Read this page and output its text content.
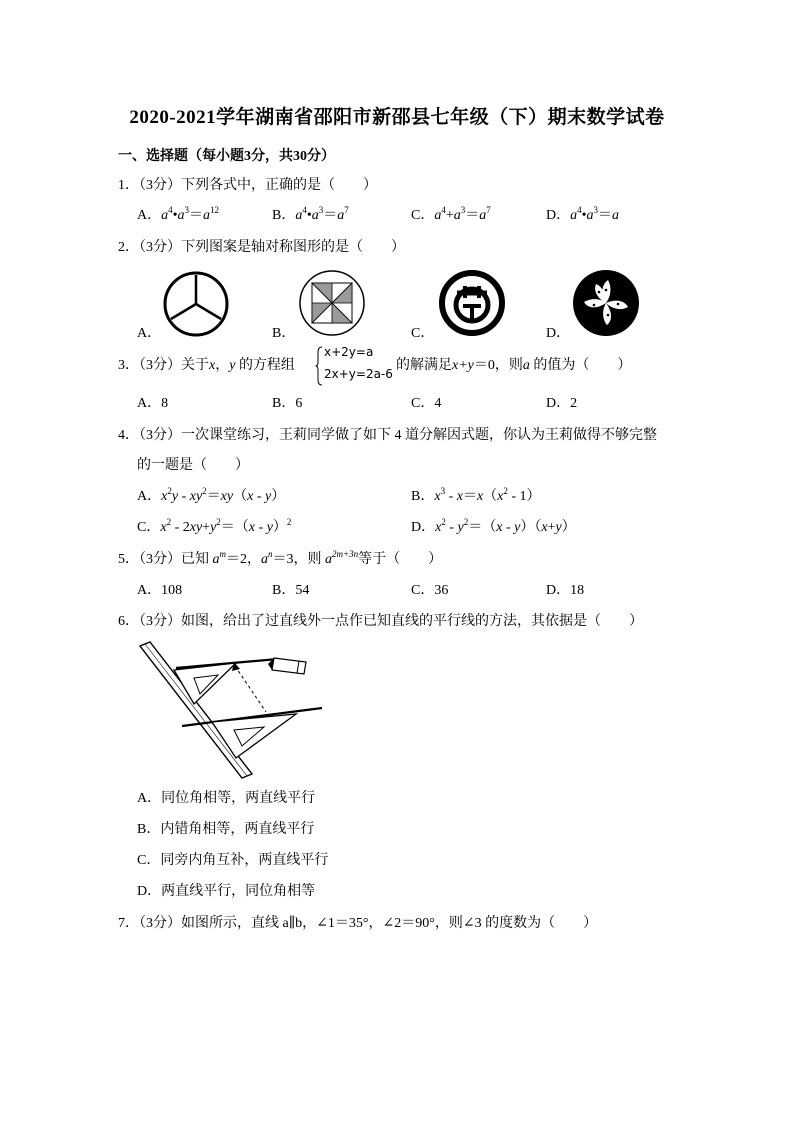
2020-2021学年湖南省邵阳市新邵县七年级（下）期末数学试卷
一、选择题（每小题3分，共30分）
1．（3分）下列各式中，正确的是（　　）
A．$a^4•a^3=a^{12}$	B．$a^4•a^3=a^7$	C．$a^4+a^3=a^7$	D．$a^4•a^3=a$
2．（3分）下列图案是轴对称图形的是（　　）
A．	B．	C．	D．
3．（3分）关于x，y 的方程组
x+2y=a
2x+y=2a-6
的解满足x+y＝0，则a 的值为（　　）
A．8	B．6	C．4	D．2
4．（3分）一次课堂练习，王莉同学做了如下 4 道分解因式题，你认为王莉做得不够完整
的一题是（　　）
A．$x^2y - xy^2=xy(x - y)$	B．$x^3 - x=x(x^2 - 1)$
C．$x^2 - 2xy+y^2=(x - y)^2$	D．$x^2 - y^2=(x - y)(x+y)$
5．（3分）已知 $a^m=2$，$a^n=3$，则 $a^{2m+3n}$等于（　　）
A．108	B．54	C．36	D．18
6．（3分）如图，给出了过直线外一点作已知直线的平行线的方法，其依据是（　　）
A．同位角相等，两直线平行
B．内错角相等，两直线平行
C．同旁内角互补，两直线平行
D．两直线平行，同位角相等
7．（3分）如图所示，直线 a∥b，∠1＝35°，∠2＝90°，则∠3 的度数为（　　）
